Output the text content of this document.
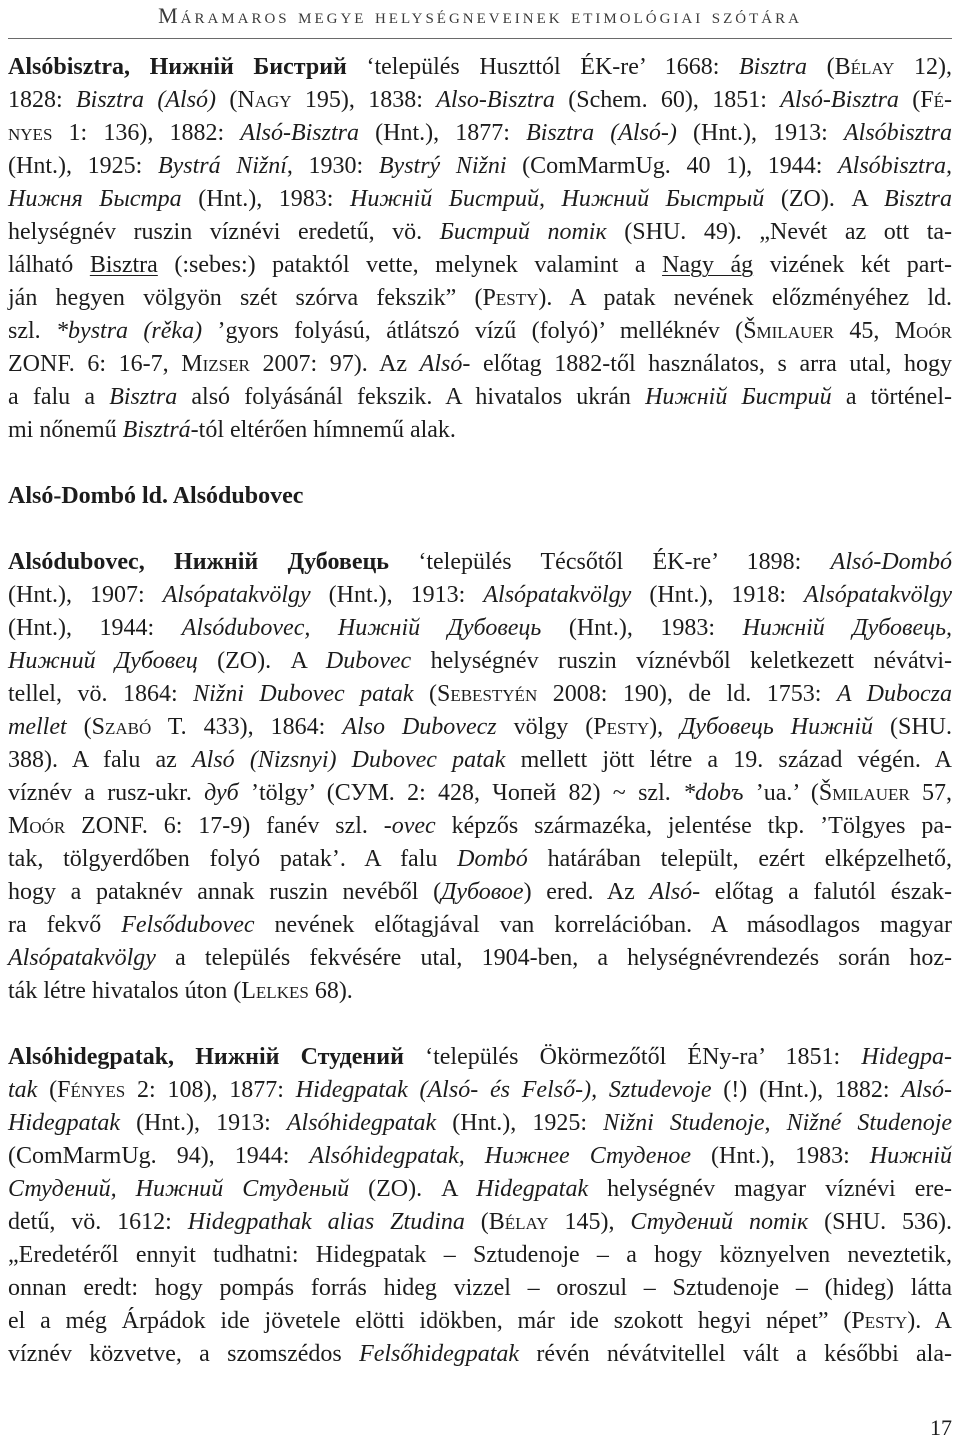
Máramaros megye helységneveinek etimológiai szótára
Alsóbisztra, Нижній Бистрий ‘település Huszttól ÉK-re’ 1668: Bisztra (Bélay 12),
1828: Bisztra (Alsó) (Nagy 195), 1838: Also-Bisztra (Schem. 60), 1851: Alsó-Bisztra (Fé-
nyes 1: 136), 1882: Alsó-Bisztra (Hnt.), 1877: Bisztra (Alsó-) (Hnt.), 1913: Alsóbisztra
(Hnt.), 1925: Bystrá Nižní, 1930: Bystrý Nižni (ComMarmUg. 40 1), 1944: Alsóbisztra,
Нижня Быстра (Hnt.), 1983: Нижній Бистрий, Нижний Быстрый (ZO). A Bisztra
helységnév ruszin víznévi eredetű, vö. Бистрий потік (SHU. 49). „Nevét az ott ta-
lálható Bisztra (:sebes:) pataktól vette, melynek valamint a Nagy ág vizének két part-
ján hegyen völgyön szét szórva fekszik” (Pesty). A patak nevének előzményéhez ld.
szl. *bystra (rěka) ’gyors folyású, átlátszó vízű (folyó)’ melléknév (Šmilauer 45, Moór
ZONF. 6: 16-7, Mizser 2007: 97). Az Alsó- előtag 1882-től használatos, s arra utal, hogy
a falu a Bisztra alsó folyásánál fekszik. A hivatalos ukrán Нижній Бистрий a történel-
mi nőnemű Bisztrá-tól eltérően hímnemű alak.
Alsó-Dombó ld. Alsódubovec
Alsódubovec, Нижній Дубовець ‘település Técsőtől ÉK-re’ 1898: Alsó-Dombó
(Hnt.), 1907: Alsópatakvölgy (Hnt.), 1913: Alsópatakvölgy (Hnt.), 1918: Alsópatakvölgy
(Hnt.), 1944: Alsódubovec, Нижній Дубовець (Hnt.), 1983: Нижній Дубовець,
Нижний Дубовец (ZO). A Dubovec helységnév ruszin víznévből keletkezett névátvi-
tellel, vö. 1864: Nižni Dubovec patak (Sebestyén 2008: 190), de ld. 1753: A Dubocza
mellet (Szabó T. 433), 1864: Also Dubovecz völgy (Pesty), Дубовець Нижній (SHU.
388). A falu az Alsó (Nizsnyi) Dubovec patak mellett jött létre a 19. század végén. A
víznév a rusz-ukr. дуб ’tölgy’ (СУМ. 2: 428, Чопей 82) ~ szl. *dobъ ’ua.’ (Šmilauer 57,
Moór ZONF. 6: 17-9) fanév szl. -ovec képzős származéka, jelentése tkp. ’Tölgyes pa-
tak, tölgyerdőben folyó patak’. A falu Dombó határában települt, ezért elképzelhető,
hogy a pataknév annak ruszin nevéből (Дубовое) ered. Az Alsó- előtag a falutól észak-
ra fekvő Felsődubovec nevének előtagjával van korrelációban. A másodlagos magyar
Alsópatakvölgy a település fekvésére utal, 1904-ben, a helységnévrendezés során hoz-
ták létre hivatalos úton (Lelkes 68).
Alsóhidegpatak, Нижній Студений ‘település Ökörmezőtől ÉNy-ra’ 1851: Hidegpa-
tak (Fényes 2: 108), 1877: Hidegpatak (Alsó- és Felső-), Sztudevoje (!) (Hnt.), 1882: Alsó-
Hidegpatak (Hnt.), 1913: Alsóhidegpatak (Hnt.), 1925: Nižni Studenoje, Nižné Studenoje
(ComMarmUg. 94), 1944: Alsóhidegpatak, Нижнее Студеное (Hnt.), 1983: Нижній
Студений, Нижний Студеный (ZO). A Hidegpatak helységnév magyar víznévi ere-
detű, vö. 1612: Hidegpathak alias Ztudina (Bélay 145), Студений потік (SHU. 536).
„Eredetéről ennyit tudhatni: Hidegpatak – Sztudenoje – a hogy köznyelven neveztetik,
onnan eredt: hogy pompás forrás hideg vizzel – oroszul – Sztudenoje – (hideg) látta
el a még Árpádok ide jövetele elötti idökben, már ide szokott hegyi népet” (Pesty). A
víznév közvetve, a szomszédos Felsőhidegpatak révén névátvitellel vált a későbbi ala-
17
